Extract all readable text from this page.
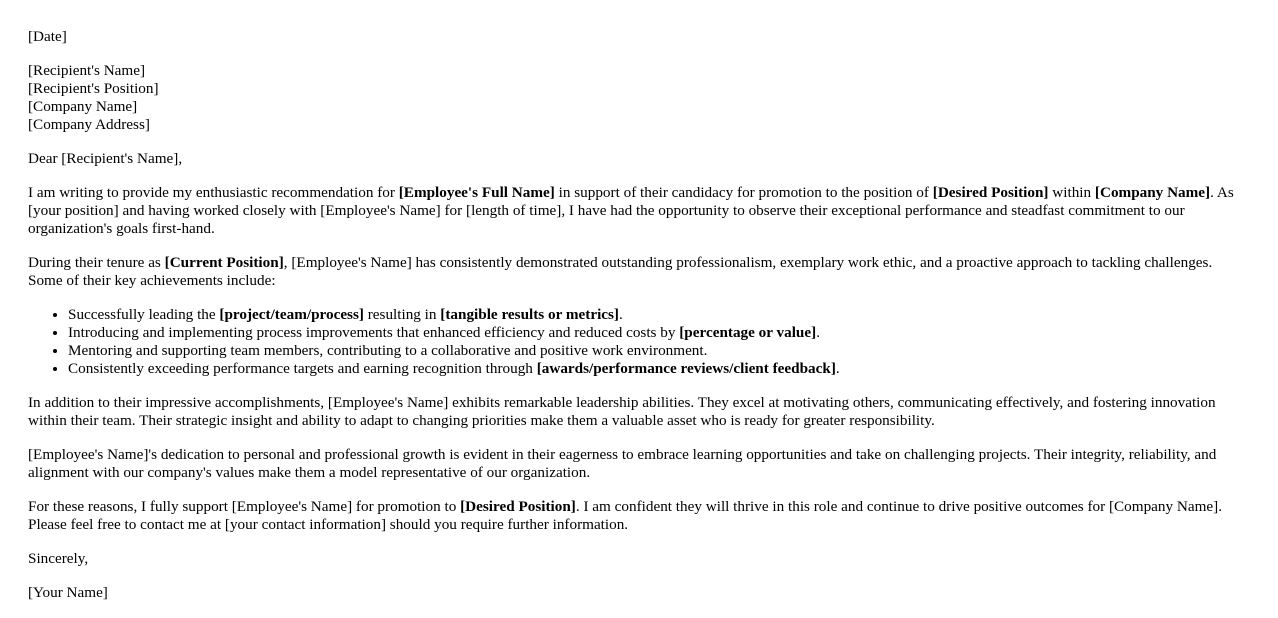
[Date]

[Recipient's Name]
[Recipient's Position]
[Company Name]
[Company Address]

Dear [Recipient's Name],

I am writing to provide my enthusiastic recommendation for [Employee's Full Name] in support of their candidacy for promotion to the position of [Desired Position] within [Company Name]. As [your position] and having worked closely with [Employee's Name] for [length of time], I have had the opportunity to observe their exceptional performance and steadfast commitment to our organization's goals first-hand.

During their tenure as [Current Position], [Employee's Name] has consistently demonstrated outstanding professionalism, exemplary work ethic, and a proactive approach to tackling challenges. Some of their key achievements include:

• Successfully leading the [project/team/process] resulting in [tangible results or metrics].
• Introducing and implementing process improvements that enhanced efficiency and reduced costs by [percentage or value].
• Mentoring and supporting team members, contributing to a collaborative and positive work environment.
• Consistently exceeding performance targets and earning recognition through [awards/performance reviews/client feedback].

In addition to their impressive accomplishments, [Employee's Name] exhibits remarkable leadership abilities. They excel at motivating others, communicating effectively, and fostering innovation within their team. Their strategic insight and ability to adapt to changing priorities make them a valuable asset who is ready for greater responsibility.

[Employee's Name]'s dedication to personal and professional growth is evident in their eagerness to embrace learning opportunities and take on challenging projects. Their integrity, reliability, and alignment with our company's values make them a model representative of our organization.

For these reasons, I fully support [Employee's Name] for promotion to [Desired Position]. I am confident they will thrive in this role and continue to drive positive outcomes for [Company Name]. Please feel free to contact me at [your contact information] should you require further information.

Sincerely,

[Your Name]
